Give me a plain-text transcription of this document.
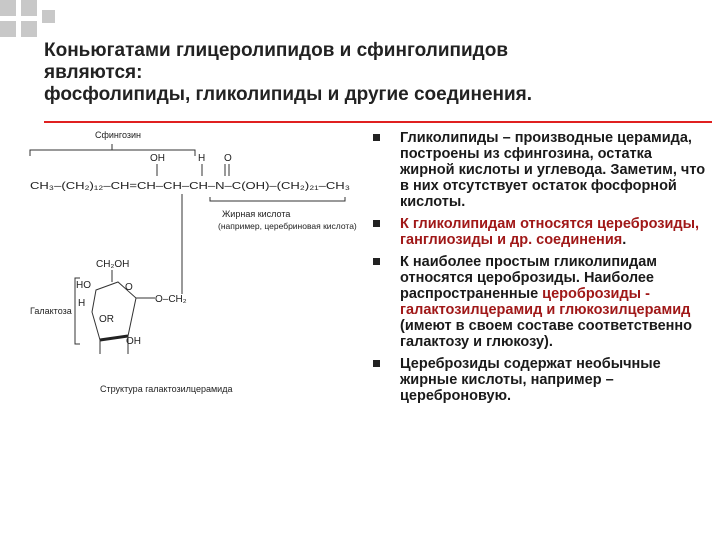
Коньюгатами глицеролипидов и сфинголипидов
являются:
фосфолипиды, гликолипиды и другие соединения.
Сфингозин
OH	H O
CH₃–(CH₂)₁₂–CH=CH–CH–CH–N–C(OH)–(CH₂)₂₁–CH₃
Жирная кислота
(например, церебриновая кислота)
CH₂OH
O
O–CH₂
HO
H
OR
OH
Галактоза
Структура галактозилцерамида
Гликолипиды – производные церамида, построены из сфингозина, остатка жирной кислоты и углевода. Заметим, что в них отсутствует остаток фосфорной кислоты.
К гликолипидам относятся цереброзиды, ганглиозиды и др. соединения.
К наиболее простым гликолипидам относятся цероброзиды. Наиболее распространенные цероброзиды - галактозилцерамид и глюкозилцерамид (имеют в своем составе соответственно галактозу и глюкозу).
Цереброзиды содержат необычные жирные кислоты, например – цереброновую.
